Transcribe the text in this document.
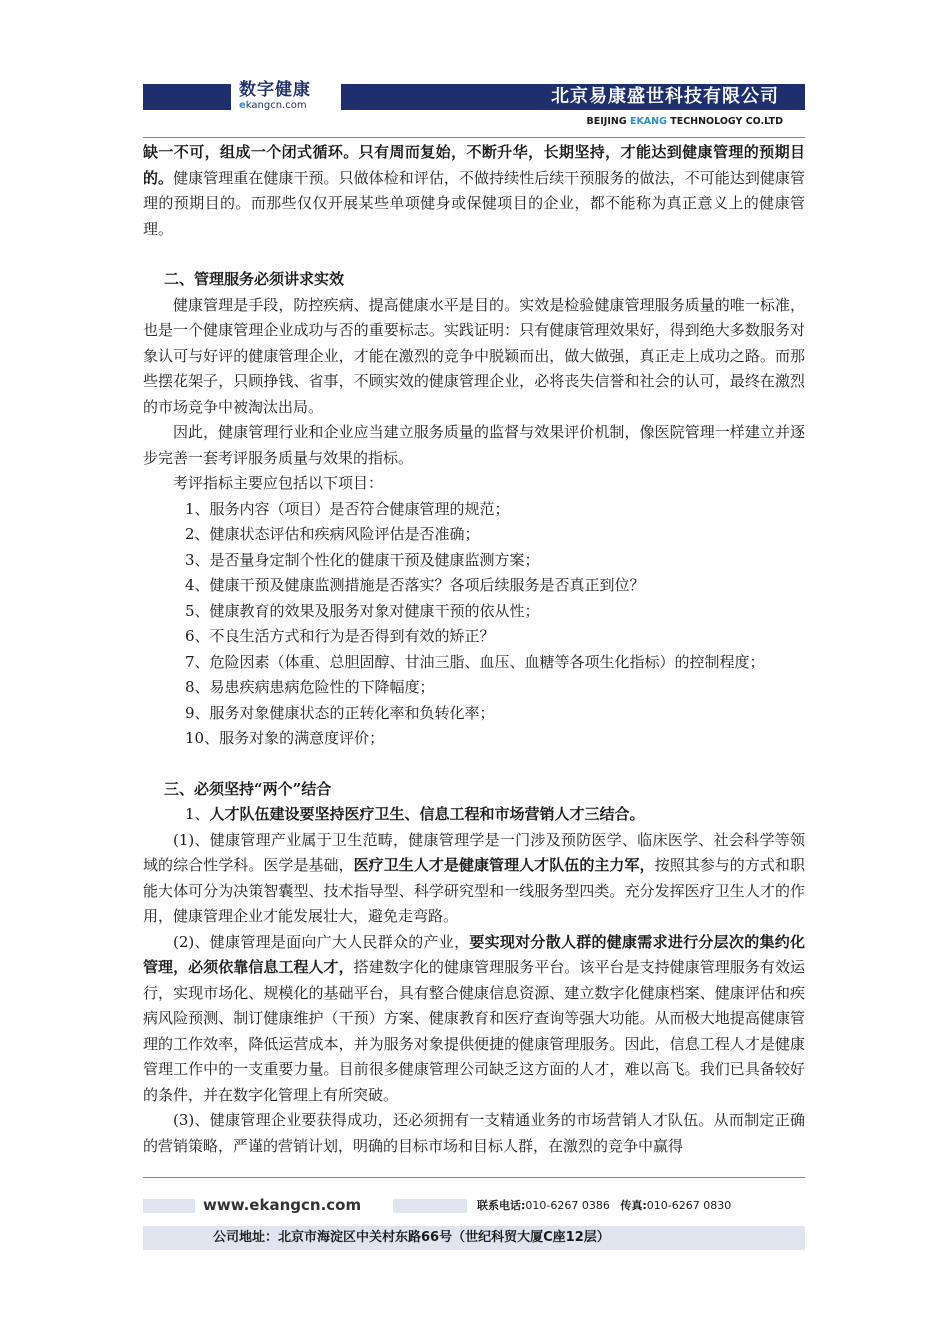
数字健康
ekangcn.com	北京易康盛世科技有限公司
BEIJING EKANG TECHNOLOGY CO.LTD

缺一不可，组成一个闭式循环。只有周而复始，不断升华，长期坚持，才能达到健康管理的预期目的。健康管理重在健康干预。只做体检和评估，不做持续性后续干预服务的做法，不可能达到健康管理的预期目的。而那些仅仅开展某些单项健身或保健项目的企业，都不能称为真正意义上的健康管理。

二、管理服务必须讲求实效

健康管理是手段，防控疾病、提高健康水平是目的。实效是检验健康管理服务质量的唯一标准，也是一个健康管理企业成功与否的重要标志。实践证明：只有健康管理效果好，得到绝大多数服务对象认可与好评的健康管理企业，才能在激烈的竞争中脱颖而出，做大做强，真正走上成功之路。而那些摆花架子，只顾挣钱、省事，不顾实效的健康管理企业，必将丧失信誉和社会的认可，最终在激烈的市场竞争中被淘汰出局。

因此，健康管理行业和企业应当建立服务质量的监督与效果评价机制，像医院管理一样建立并逐步完善一套考评服务质量与效果的指标。

考评指标主要应包括以下项目：

1、服务内容（项目）是否符合健康管理的规范；

2、健康状态评估和疾病风险评估是否准确；

3、是否量身定制个性化的健康干预及健康监测方案；

4、健康干预及健康监测措施是否落实？各项后续服务是否真正到位？

5、健康教育的效果及服务对象对健康干预的依从性；

6、不良生活方式和行为是否得到有效的矫正？

7、危险因素（体重、总胆固醇、甘油三脂、血压、血糖等各项生化指标）的控制程度；

8、易患疾病患病危险性的下降幅度；

9、服务对象健康状态的正转化率和负转化率；

10、服务对象的满意度评价；

三、必须坚持“两个”结合

1、人才队伍建设要坚持医疗卫生、信息工程和市场营销人才三结合。

(1)、健康管理产业属于卫生范畴，健康管理学是一门涉及预防医学、临床医学、社会科学等领域的综合性学科。医学是基础，医疗卫生人才是健康管理人才队伍的主力军，按照其参与的方式和职能大体可分为决策智囊型、技术指导型、科学研究型和一线服务型四类。充分发挥医疗卫生人才的作用，健康管理企业才能发展壮大，避免走弯路。

(2)、健康管理是面向广大人民群众的产业，要实现对分散人群的健康需求进行分层次的集约化管理，必须依靠信息工程人才，搭建数字化的健康管理服务平台。该平台是支持健康管理服务有效运行，实现市场化、规模化的基础平台，具有整合健康信息资源、建立数字化健康档案、健康评估和疾病风险预测、制订健康维护（干预）方案、健康教育和医疗查询等强大功能。从而极大地提高健康管理的工作效率，降低运营成本，并为服务对象提供便捷的健康管理服务。因此，信息工程人才是健康管理工作中的一支重要力量。目前很多健康管理公司缺乏这方面的人才，难以高飞。我们已具备较好的条件，并在数字化管理上有所突破。

(3)、健康管理企业要获得成功，还必须拥有一支精通业务的市场营销人才队伍。从而制定正确的营销策略，严谨的营销计划，明确的目标市场和目标人群，在激烈的竞争中赢得

www.ekangcn.com	联系电话:010-6267 0386 传真:010-6267 0830
公司地址：北京市海淀区中关村东路66号（世纪科贸大厦C座12层）
